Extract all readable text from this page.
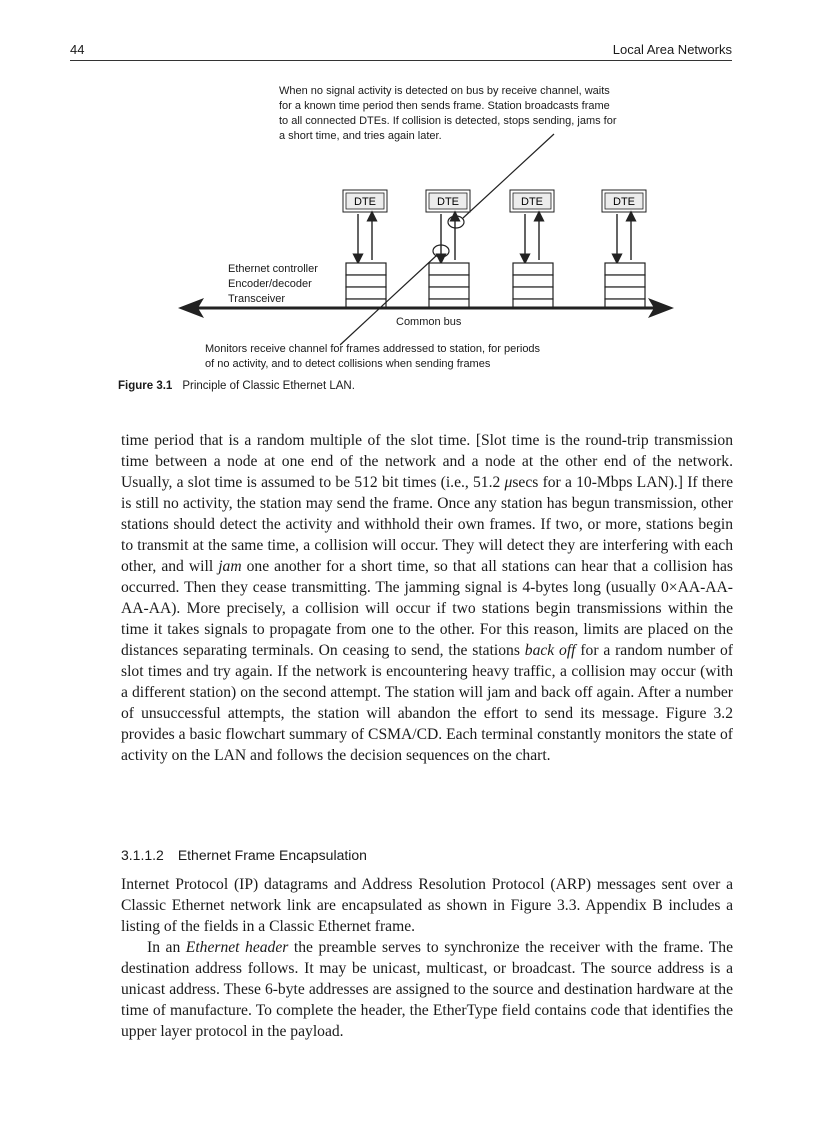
44	Local Area Networks
When no signal activity is detected on bus by receive channel, waits
for a known time period then sends frame. Station broadcasts frame
to all connected DTEs. If collision is detected, stops sending, jams for
a short time, and tries again later.
DTE	DTE	DTE	DTE
Ethernet controller
Encoder/decoder
Transceiver
Common bus
Monitors receive channel for frames addressed to station, for periods
of no activity, and to detect collisions when sending frames
Figure 3.1 Principle of Classic Ethernet LAN.

time period that is a random multiple of the slot time. [Slot time is the round-trip transmission time between a node at one end of the network and a node at the other end of the network. Usually, a slot time is assumed to be 512 bit times (i.e., 51.2 μsecs for a 10-Mbps LAN).] If there is still no activity, the station may send the frame. Once any station has begun transmission, other stations should detect the activity and withhold their own frames. If two, or more, stations begin to transmit at the same time, a collision will occur. They will detect they are interfering with each other, and will jam one another for a short time, so that all stations can hear that a collision has occurred. Then they cease transmitting. The jamming signal is 4-bytes long (usually 0×AA-AA-AA-AA). More precisely, a collision will occur if two stations begin transmissions within the time it takes signals to propagate from one to the other. For this reason, limits are placed on the distances separating terminals. On ceasing to send, the stations back off for a random number of slot times and try again. If the network is encountering heavy traffic, a collision may occur (with a different station) on the second attempt. The station will jam and back off again. After a number of unsuccessful attempts, the station will abandon the effort to send its message. Figure 3.2 provides a basic flowchart summary of CSMA/CD. Each terminal constantly monitors the state of activity on the LAN and follows the decision sequences on the chart.

3.1.1.2 Ethernet Frame Encapsulation

Internet Protocol (IP) datagrams and Address Resolution Protocol (ARP) messages sent over a Classic Ethernet network link are encapsulated as shown in Figure 3.3. Appendix B includes a listing of the fields in a Classic Ethernet frame.

In an Ethernet header the preamble serves to synchronize the receiver with the frame. The destination address follows. It may be unicast, multicast, or broadcast. The source address is a unicast address. These 6-byte addresses are assigned to the source and destination hardware at the time of manufacture. To complete the header, the EtherType field contains code that identifies the upper layer protocol in the payload.
